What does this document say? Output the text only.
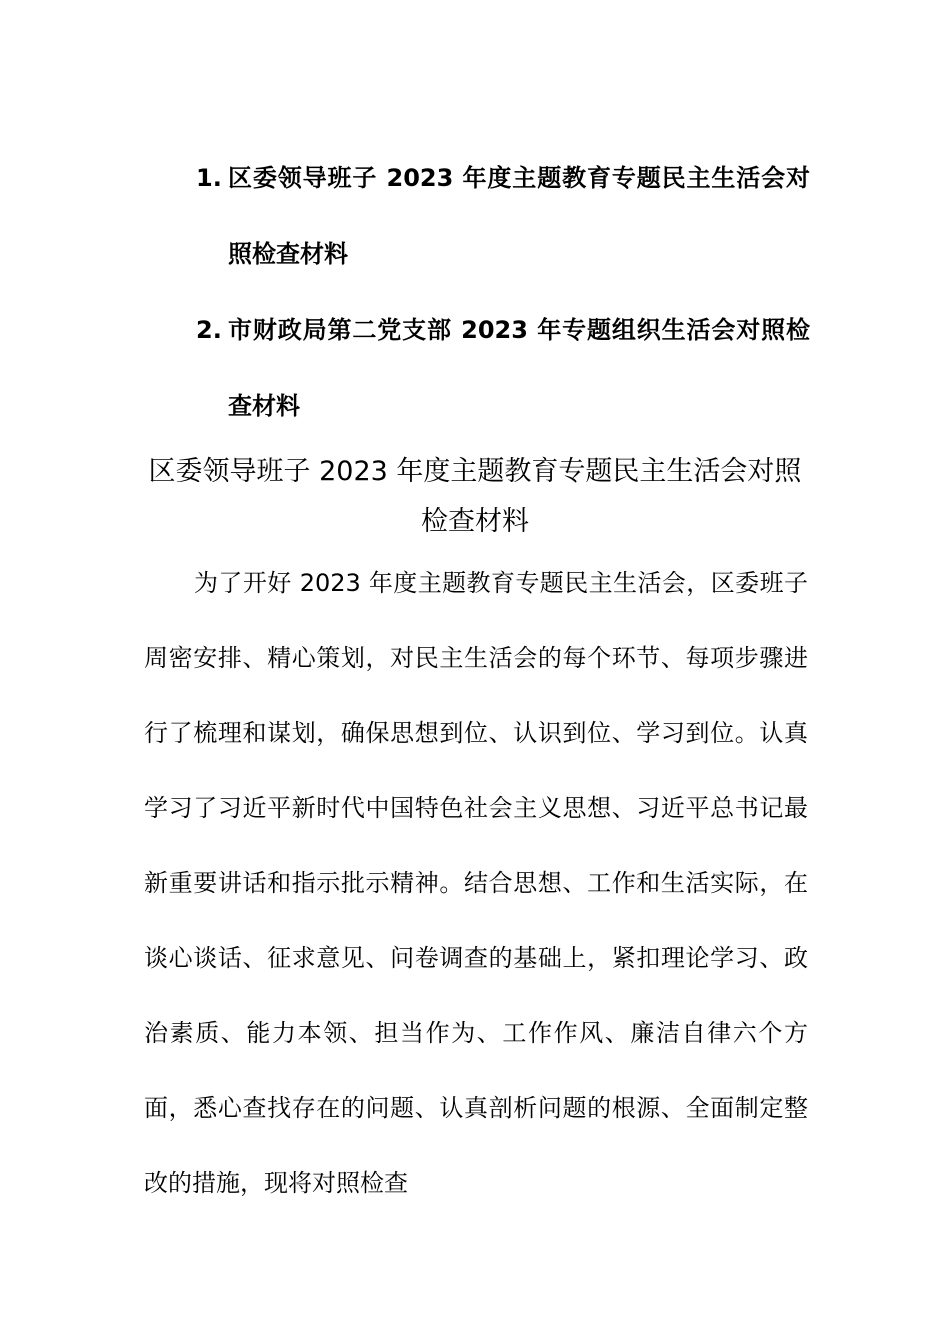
1. 区委领导班子 2023 年度主题教育专题民主生活会对照检查材料
2. 市财政局第二党支部 2023 年专题组织生活会对照检查材料
区委领导班子 2023 年度主题教育专题民主生活会对照检查材料

为了开好 2023 年度主题教育专题民主生活会，区委班子周密安排、精心策划，对民主生活会的每个环节、每项步骤进行了梳理和谋划，确保思想到位、认识到位、学习到位。认真学习了习近平新时代中国特色社会主义思想、习近平总书记最新重要讲话和指示批示精神。结合思想、工作和生活实际，在谈心谈话、征求意见、问卷调查的基础上，紧扣理论学习、政治素质、能力本领、担当作为、工作作风、廉洁自律六个方面，悉心查找存在的问题、认真剖析问题的根源、全面制定整改的措施，现将对照检查
